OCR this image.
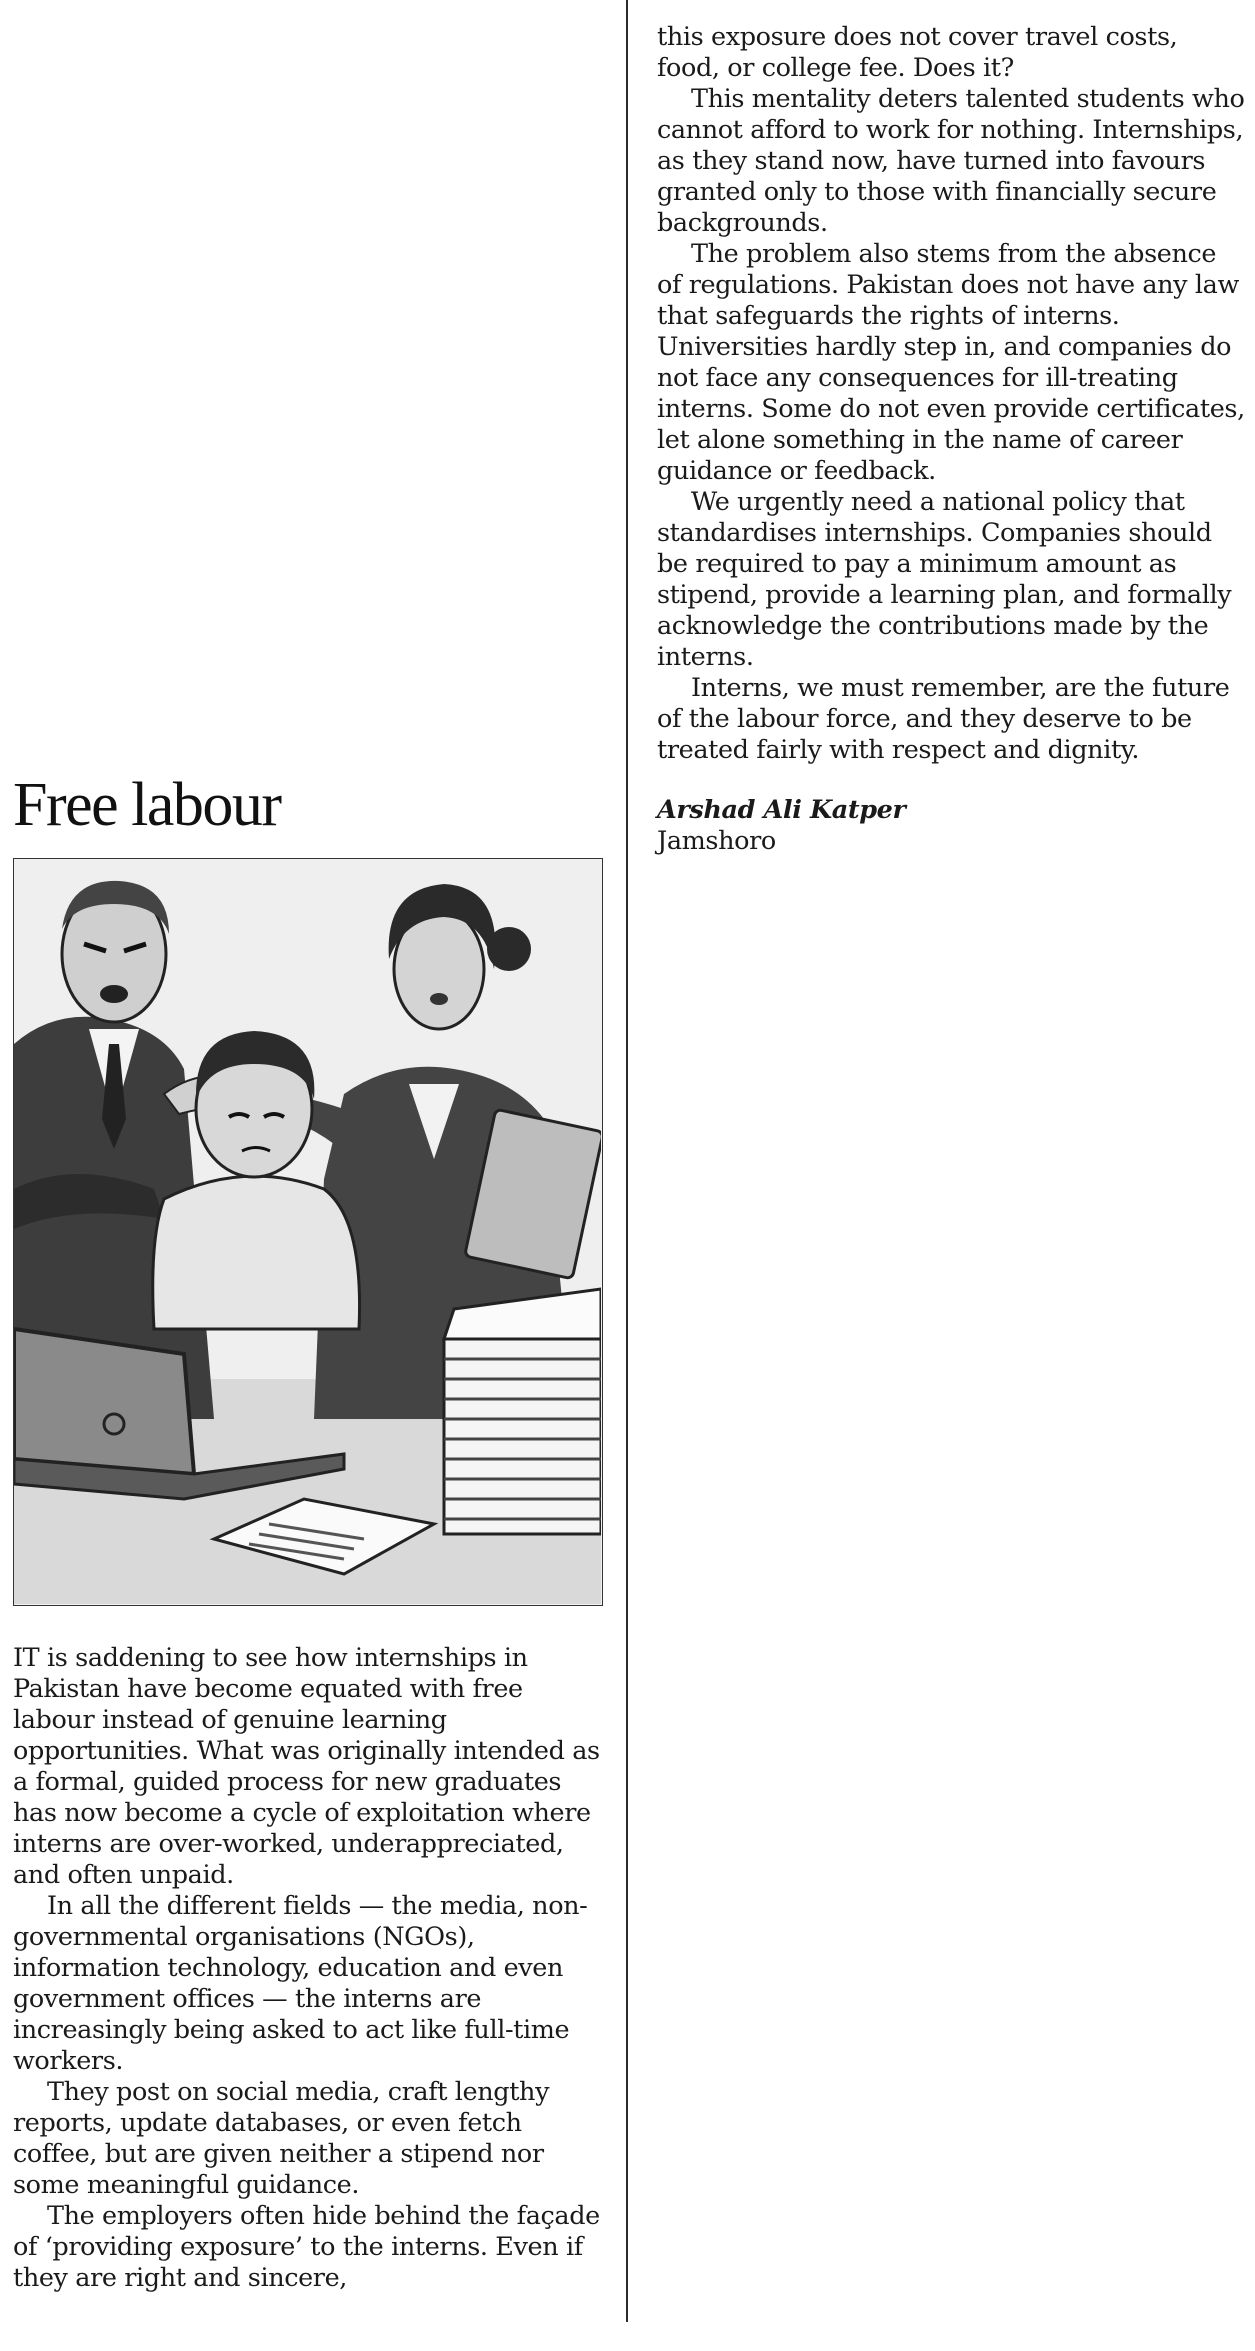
Free labour

IT is saddening to see how internships in Pakistan have become equated with free labour instead of genuine learning opportunities. What was originally intended as a formal, guided process for new graduates has now become a cycle of exploitation where interns are over-worked, underappreciated, and often unpaid.

In all the different fields — the media, non-governmental organisations (NGOs), information technology, education and even government offices — the interns are increasingly being asked to act like full-time workers.

They post on social media, craft lengthy reports, update databases, or even fetch coffee, but are given neither a stipend nor some meaningful guidance.

The employers often hide behind the façade of ‘providing exposure’ to the interns. Even if they are right and sincere,

this exposure does not cover travel costs, food, or college fee. Does it?

This mentality deters talented students who cannot afford to work for nothing. Internships, as they stand now, have turned into favours granted only to those with financially secure backgrounds.

The problem also stems from the absence of regulations. Pakistan does not have any law that safeguards the rights of interns. Universities hardly step in, and companies do not face any consequences for ill-treating interns. Some do not even provide certificates, let alone something in the name of career guidance or feedback.

We urgently need a national policy that standardises internships. Companies should be required to pay a minimum amount as stipend, provide a learning plan, and formally acknowledge the contributions made by the interns.

Interns, we must remember, are the future of the labour force, and they deserve to be treated fairly with respect and dignity.

Arshad Ali Katper
Jamshoro
